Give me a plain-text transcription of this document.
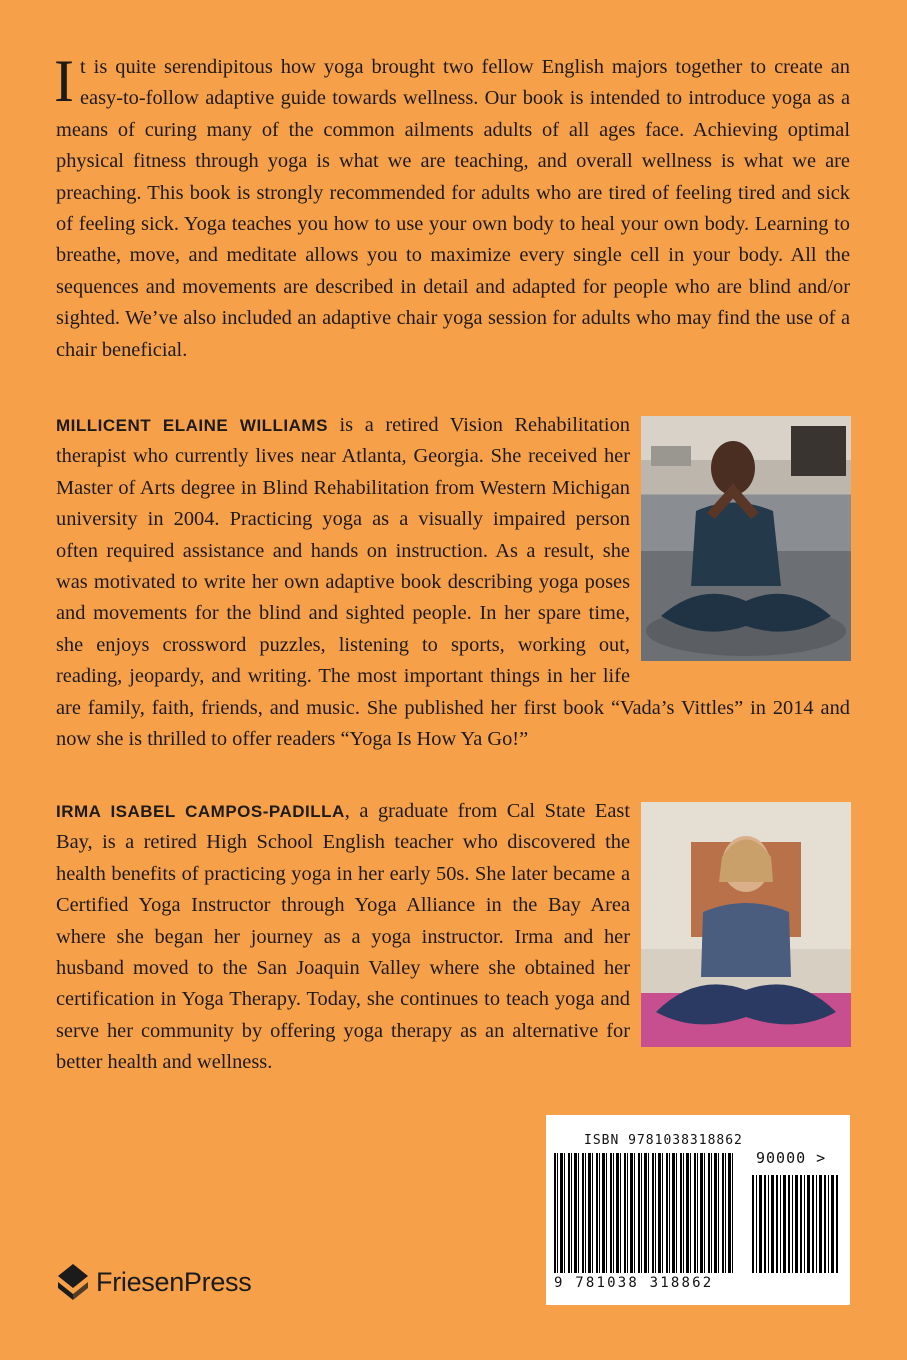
It is quite serendipitous how yoga brought two fellow English majors together to create an easy-to-follow adaptive guide towards wellness. Our book is intended to introduce yoga as a means of curing many of the common ailments adults of all ages face. Achieving optimal physical fitness through yoga is what we are teaching, and overall wellness is what we are preaching. This book is strongly recommended for adults who are tired of feeling tired and sick of feeling sick. Yoga teaches you how to use your own body to heal your own body. Learning to breathe, move, and meditate allows you to maximize every single cell in your body. All the sequences and movements are described in detail and adapted for people who are blind and/or sighted. We’ve also included an adaptive chair yoga session for adults who may find the use of a chair beneficial.

MILLICENT ELAINE WILLIAMS is a retired Vision Rehabilitation therapist who currently lives near Atlanta, Georgia. She received her Master of Arts degree in Blind Rehabilitation from Western Michigan university in 2004. Practicing yoga as a visually impaired person often required assistance and hands on instruction. As a result, she was motivated to write her own adaptive book describing yoga poses and movements for the blind and sighted people. In her spare time, she enjoys crossword puzzles, listening to sports, working out, reading, jeopardy, and writing. The most important things in her life are family, faith, friends, and music. She published her first book “Vada’s Vittles” in 2014 and now she is thrilled to offer readers “Yoga Is How Ya Go!”

IRMA ISABEL CAMPOS-PADILLA, a graduate from Cal State East Bay, is a retired High School English teacher who discovered the health benefits of practicing yoga in her early 50s. She later became a Certified Yoga Instructor through Yoga Alliance in the Bay Area where she began her journey as a yoga instructor. Irma and her husband moved to the San Joaquin Valley where she obtained her certification in Yoga Therapy. Today, she continues to teach yoga and serve her community by offering yoga therapy as an alternative for better health and wellness.

ISBN 9781038318862
90000 >
9 781038 318862
FriesenPress
